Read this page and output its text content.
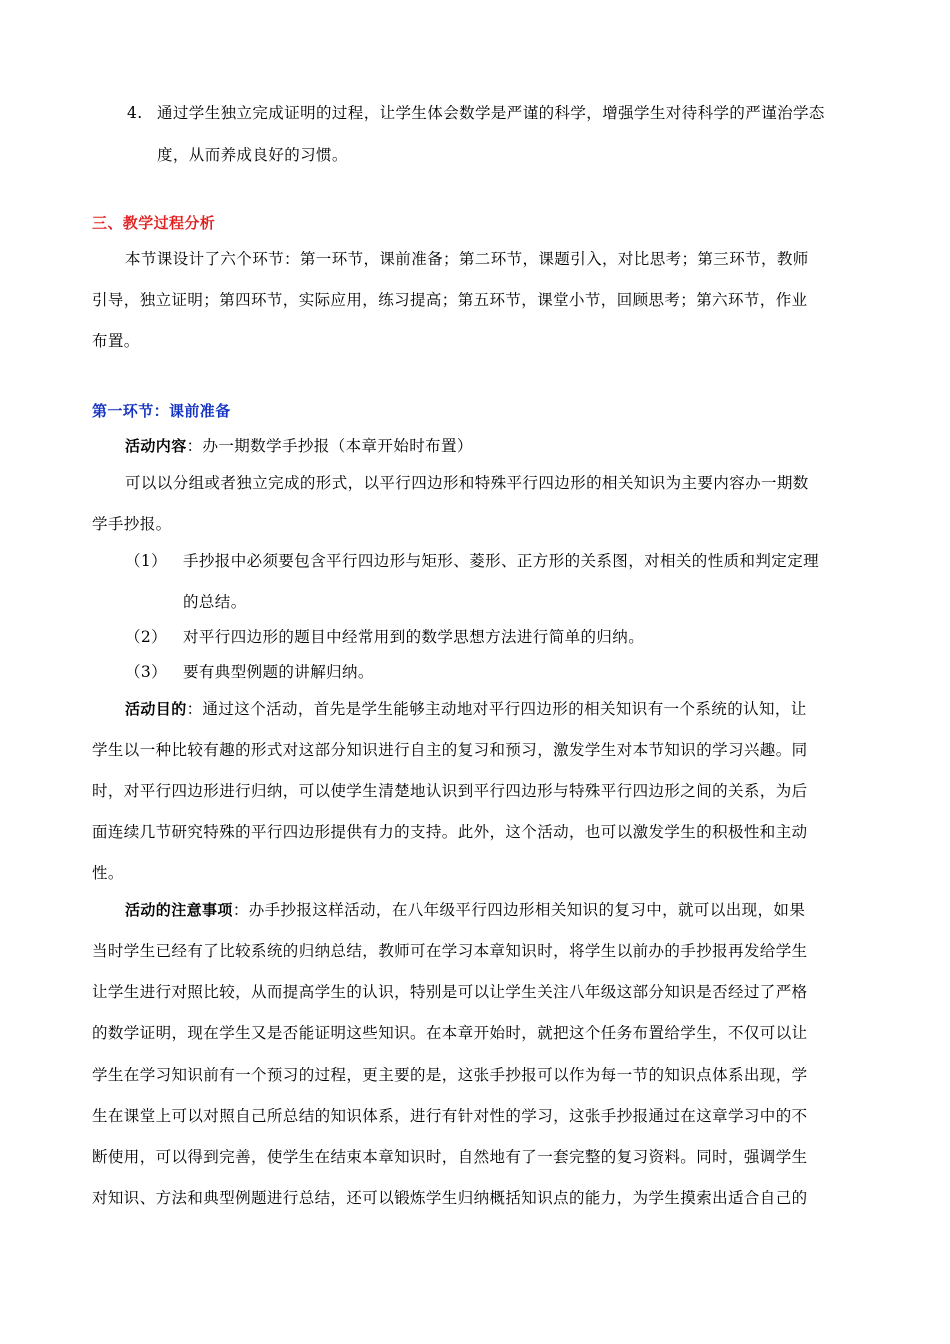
4. 通过学生独立完成证明的过程，让学生体会数学是严谨的科学，增强学生对待科学的严谨治学态
度，从而养成良好的习惯。
三、教学过程分析
本节课设计了六个环节：第一环节，课前准备；第二环节，课题引入，对比思考；第三环节，教师
引导，独立证明；第四环节，实际应用，练习提高；第五环节，课堂小节，回顾思考；第六环节，作业
布置。
第一环节：课前准备
活动内容：办一期数学手抄报（本章开始时布置）
可以以分组或者独立完成的形式，以平行四边形和特殊平行四边形的相关知识为主要内容办一期数
学手抄报。
（1） 手抄报中必须要包含平行四边形与矩形、菱形、正方形的关系图，对相关的性质和判定定理
的总结。
（2） 对平行四边形的题目中经常用到的数学思想方法进行简单的归纳。
（3） 要有典型例题的讲解归纳。
活动目的：通过这个活动，首先是学生能够主动地对平行四边形的相关知识有一个系统的认知，让
学生以一种比较有趣的形式对这部分知识进行自主的复习和预习，激发学生对本节知识的学习兴趣。同
时，对平行四边形进行归纳，可以使学生清楚地认识到平行四边形与特殊平行四边形之间的关系，为后
面连续几节研究特殊的平行四边形提供有力的支持。此外，这个活动，也可以激发学生的积极性和主动
性。
活动的注意事项：办手抄报这样活动，在八年级平行四边形相关知识的复习中，就可以出现，如果
当时学生已经有了比较系统的归纳总结，教师可在学习本章知识时，将学生以前办的手抄报再发给学生
让学生进行对照比较，从而提高学生的认识，特别是可以让学生关注八年级这部分知识是否经过了严格
的数学证明，现在学生又是否能证明这些知识。在本章开始时，就把这个任务布置给学生，不仅可以让
学生在学习知识前有一个预习的过程，更主要的是，这张手抄报可以作为每一节的知识点体系出现，学
生在课堂上可以对照自己所总结的知识体系，进行有针对性的学习，这张手抄报通过在这章学习中的不
断使用，可以得到完善，使学生在结束本章知识时，自然地有了一套完整的复习资料。同时，强调学生
对知识、方法和典型例题进行总结，还可以锻炼学生归纳概括知识点的能力，为学生摸索出适合自己的
